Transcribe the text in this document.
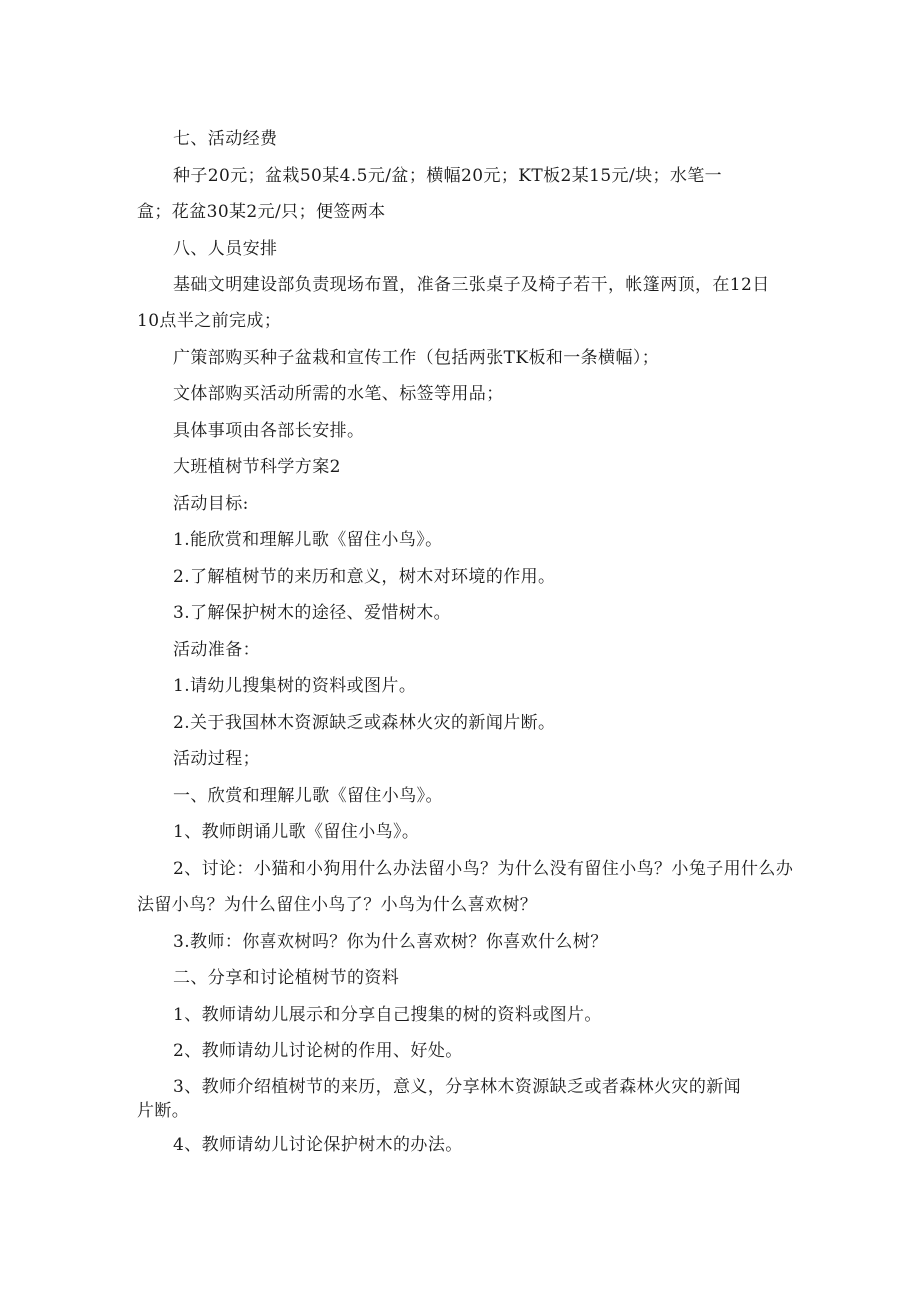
七、活动经费
种子20元；盆栽50某4.5元/盆；横幅20元；KT板2某15元/块；水笔一
盒；花盆30某2元/只；便签两本
八、人员安排
基础文明建设部负责现场布置，准备三张桌子及椅子若干，帐篷两顶，在12日
10点半之前完成；
广策部购买种子盆栽和宣传工作（包括两张TK板和一条横幅）；
文体部购买活动所需的水笔、标签等用品；
具体事项由各部长安排。
大班植树节科学方案2
活动目标:
1.能欣赏和理解儿歌《留住小鸟》。
2.了解植树节的来历和意义，树木对环境的作用。
3.了解保护树木的途径、爱惜树木。
活动准备：
1.请幼儿搜集树的资料或图片。
2.关于我国林木资源缺乏或森林火灾的新闻片断。
活动过程；
一、欣赏和理解儿歌《留住小鸟》。
1、教师朗诵儿歌《留住小鸟》。
2、讨论：小猫和小狗用什么办法留小鸟？为什么没有留住小鸟？小兔子用什么办
法留小鸟？为什么留住小鸟了？小鸟为什么喜欢树？
3.教师：你喜欢树吗？你为什么喜欢树？你喜欢什么树？
二、分享和讨论植树节的资料
1、教师请幼儿展示和分享自己搜集的树的资料或图片。
2、教师请幼儿讨论树的作用、好处。
3、教师介绍植树节的来历，意义，分享林木资源缺乏或者森林火灾的新闻
片断。
4、教师请幼儿讨论保护树木的办法。
